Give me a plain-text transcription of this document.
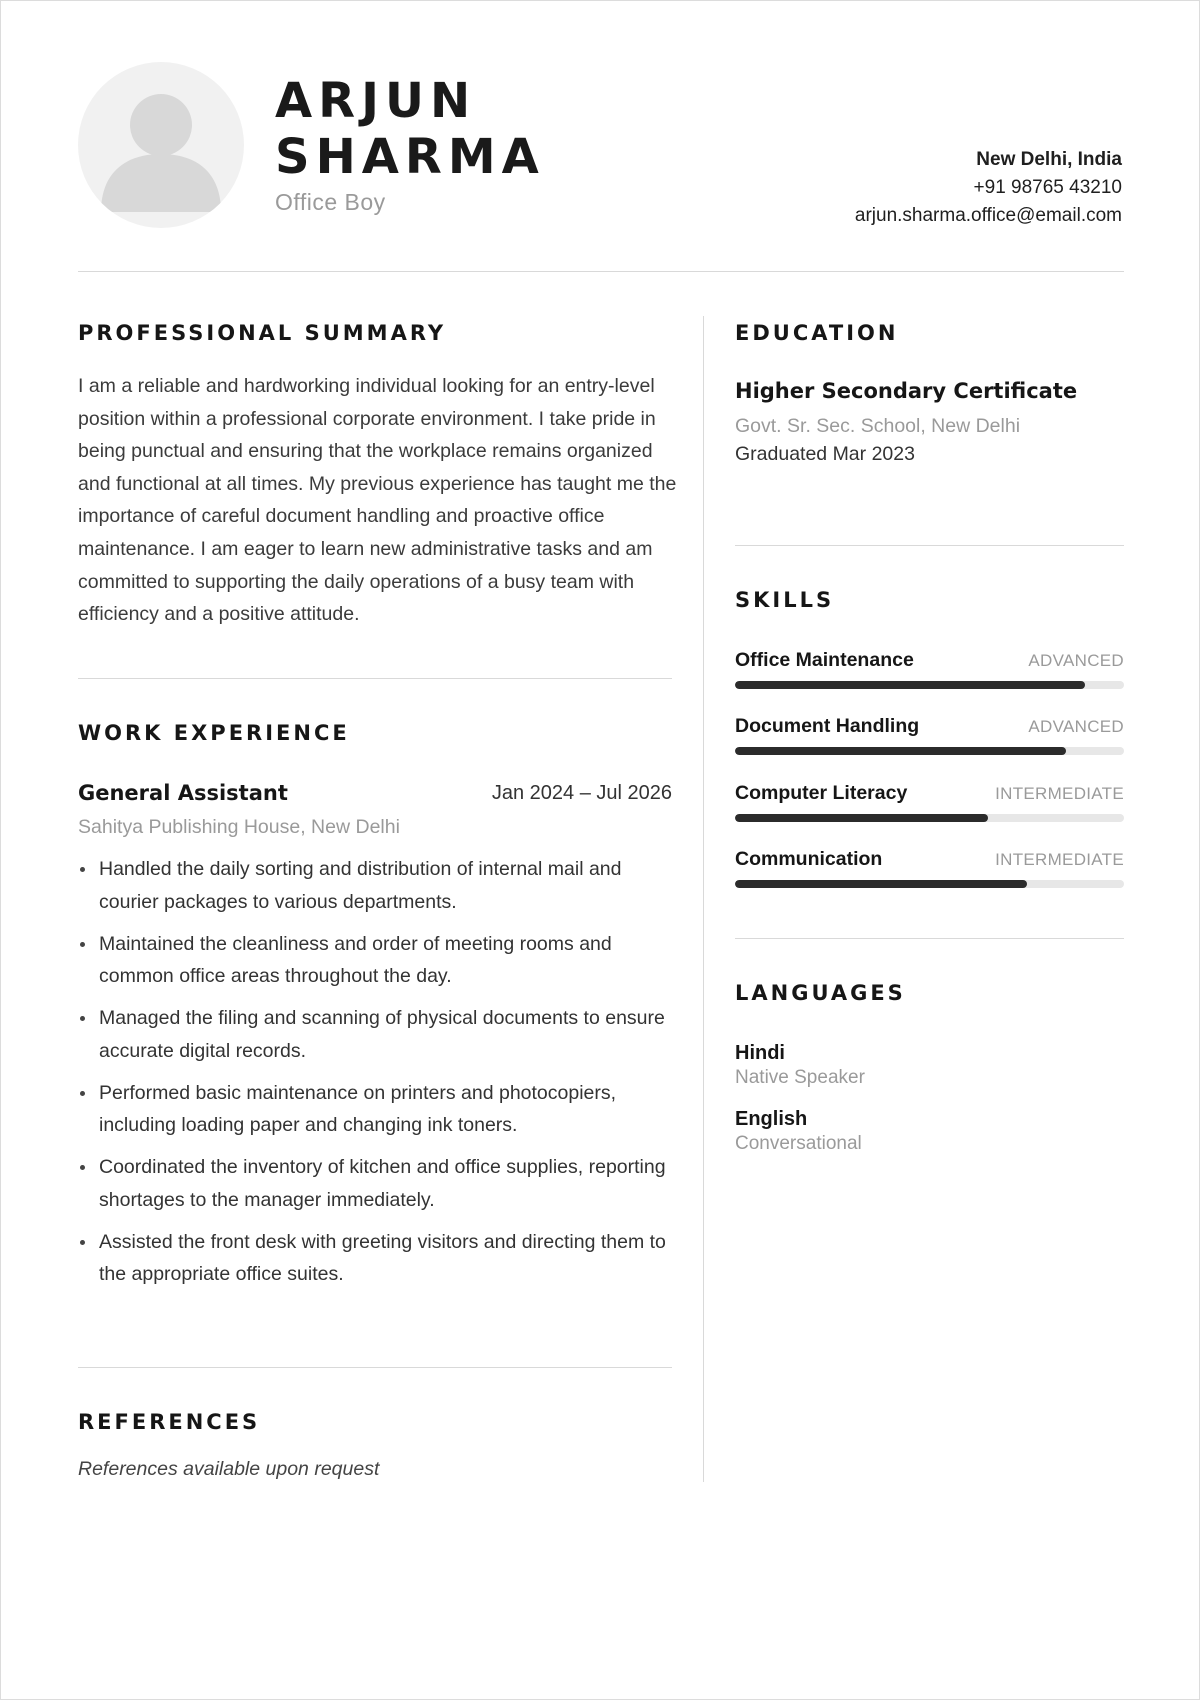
ARJUN
SHARMA
Office Boy
New Delhi, India
+91 98765 43210
arjun.sharma.office@email.com
PROFESSIONAL SUMMARY

I am a reliable and hardworking individual looking for an entry-level position within a professional corporate environment. I take pride in being punctual and ensuring that the workplace remains organized and functional at all times. My previous experience has taught me the importance of careful document handling and proactive office maintenance. I am eager to learn new administrative tasks and am committed to supporting the daily operations of a busy team with efficiency and a positive attitude.

WORK EXPERIENCE
General Assistant	Jan 2024 – Jul 2026
Sahitya Publishing House, New Delhi
Handled the daily sorting and distribution of internal mail and courier packages to various departments.
Maintained the cleanliness and order of meeting rooms and common office areas throughout the day.
Managed the filing and scanning of physical documents to ensure accurate digital records.
Performed basic maintenance on printers and photocopiers, including loading paper and changing ink toners.
Coordinated the inventory of kitchen and office supplies, reporting shortages to the manager immediately.
Assisted the front desk with greeting visitors and directing them to the appropriate office suites.
REFERENCES
References available upon request
EDUCATION
Higher Secondary Certificate
Govt. Sr. Sec. School, New Delhi
Graduated Mar 2023
SKILLS
Office Maintenance	ADVANCED
Document Handling	ADVANCED
Computer Literacy	INTERMEDIATE
Communication	INTERMEDIATE
LANGUAGES
Hindi
Native Speaker
English
Conversational
